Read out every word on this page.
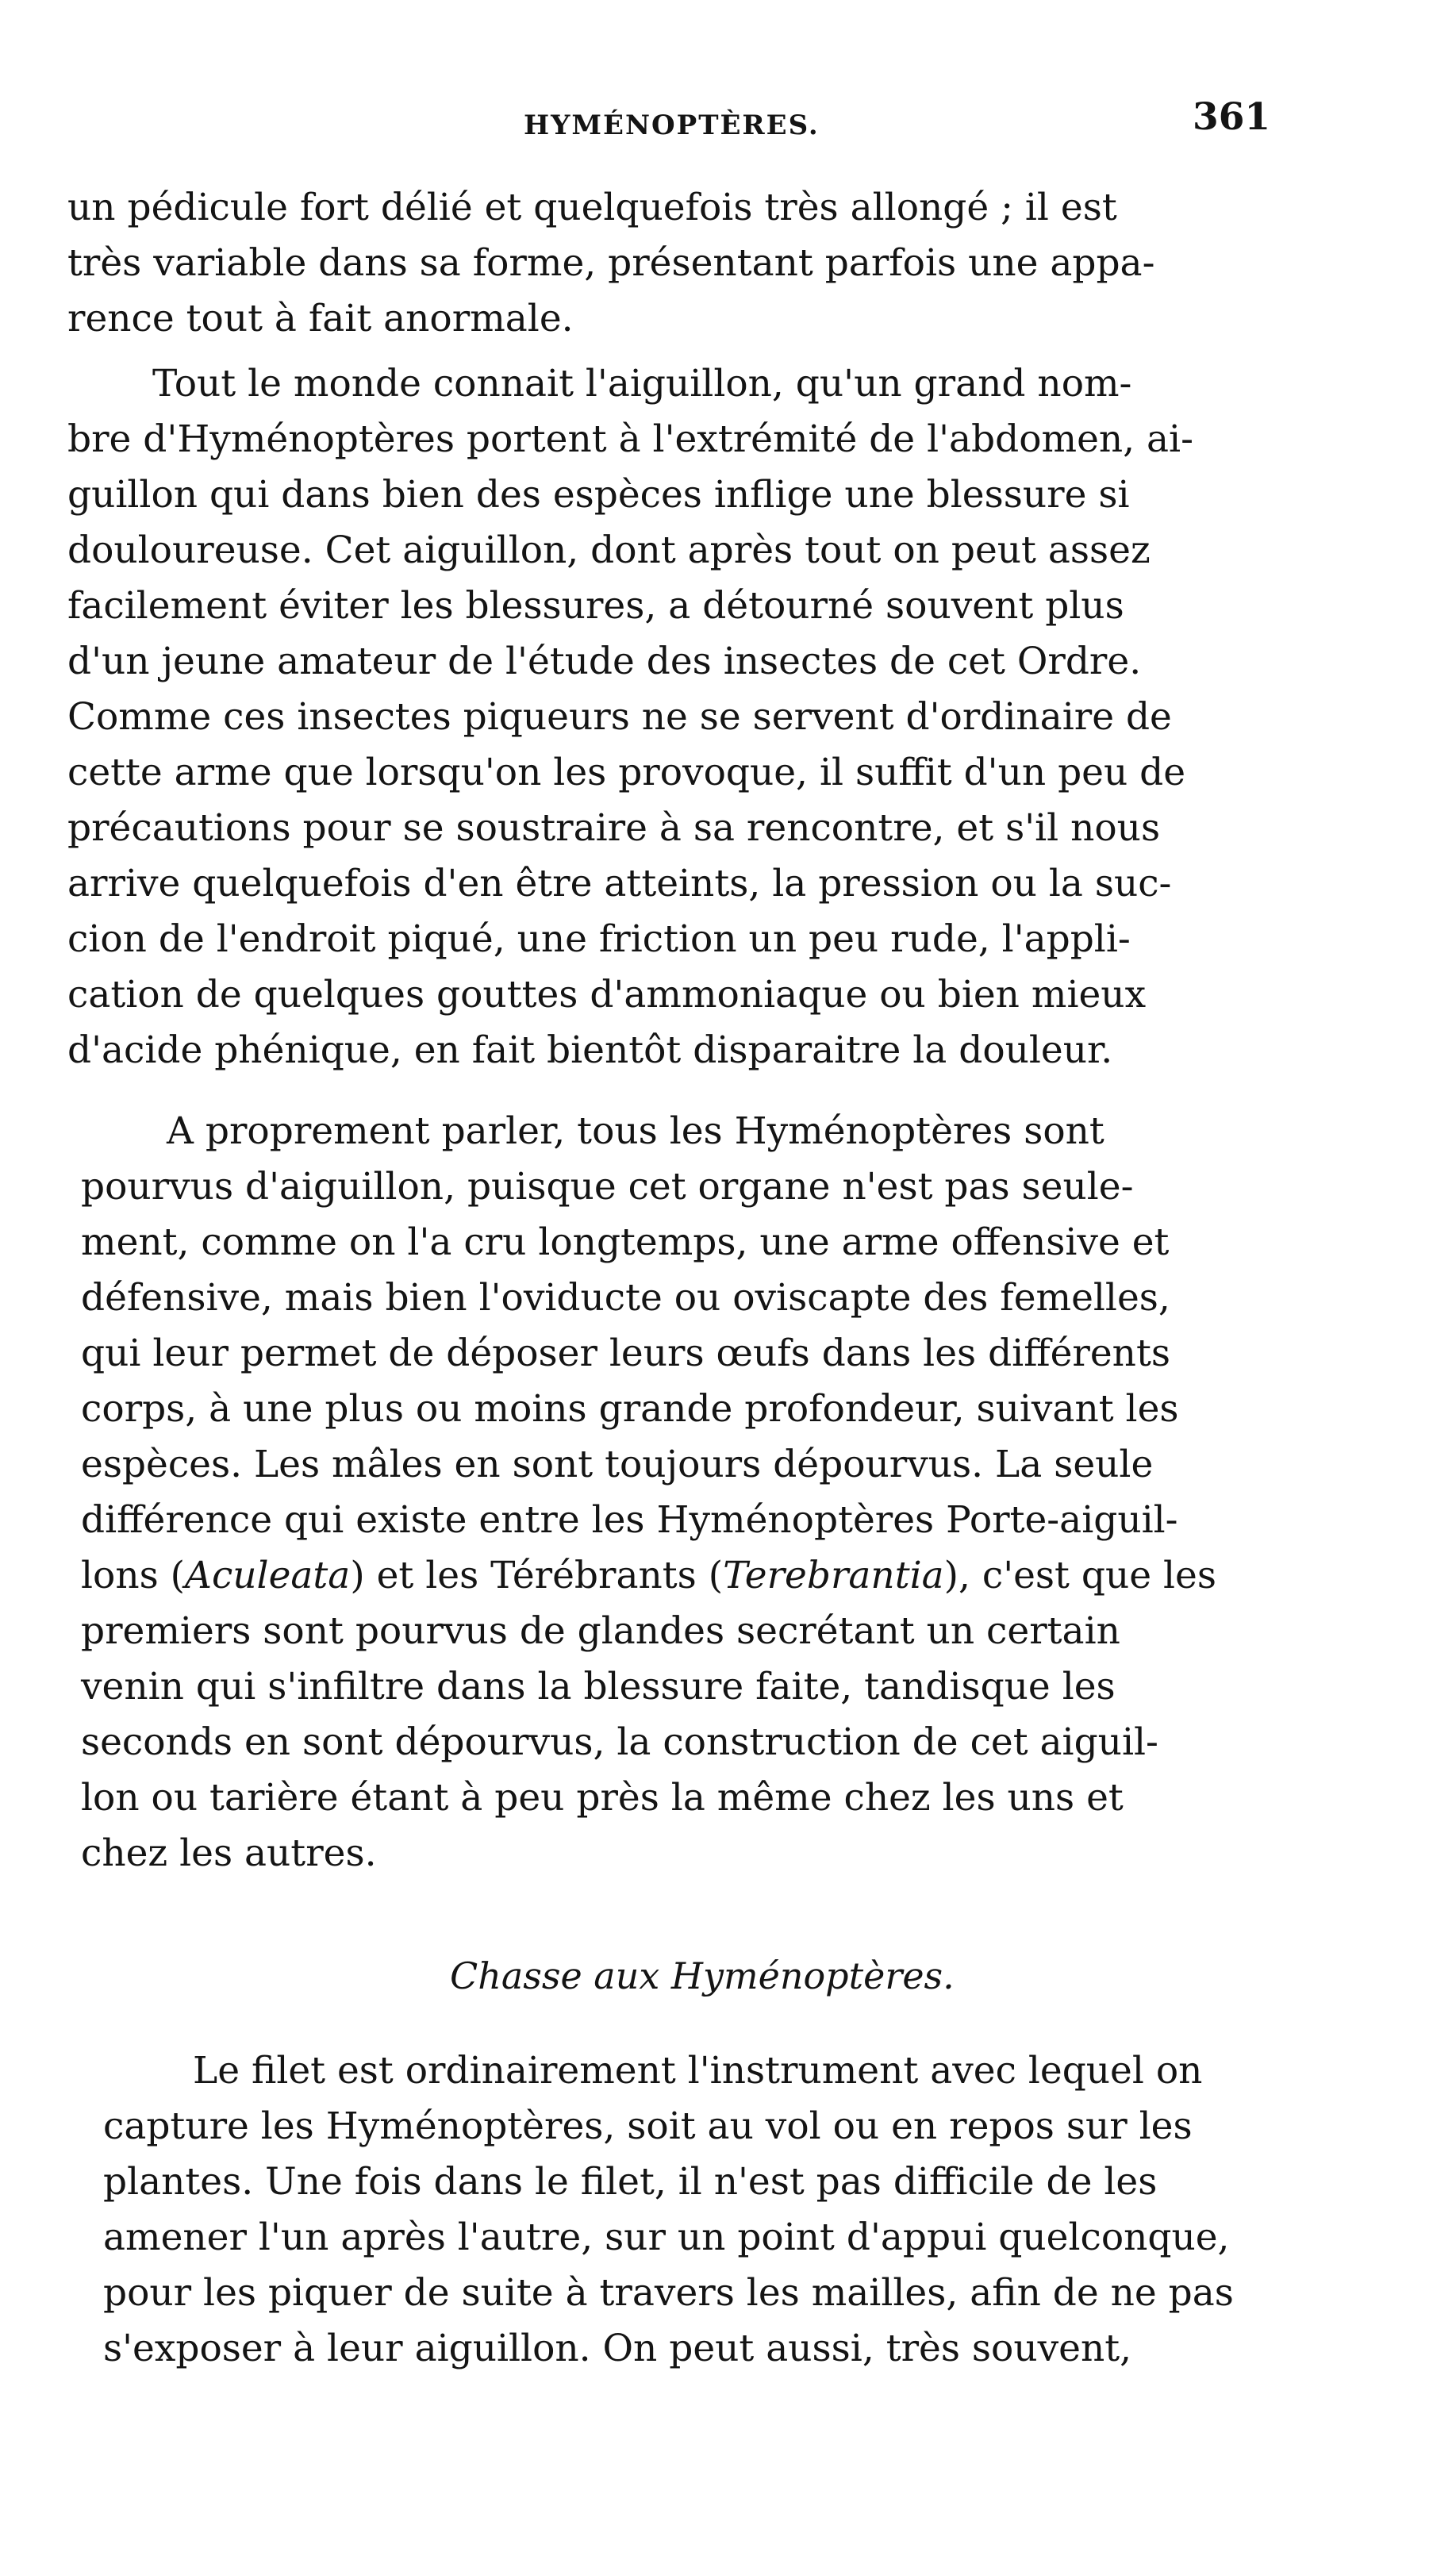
HYMÉNOPTÈRES.	361
un pédicule fort délié et quelquefois très allongé ; il est
très variable dans sa forme, présentant parfois une appa-
rence tout à fait anormale.
Tout le monde connait l'aiguillon, qu'un grand nom-
bre d'Hyménoptères portent à l'extrémité de l'abdomen, ai-
guillon qui dans bien des espèces inflige une blessure si
douloureuse. Cet aiguillon, dont après tout on peut assez
facilement éviter les blessures, a détourné souvent plus
d'un jeune amateur de l'étude des insectes de cet Ordre.
Comme ces insectes piqueurs ne se servent d'ordinaire de
cette arme que lorsqu'on les provoque, il suffit d'un peu de
précautions pour se soustraire à sa rencontre, et s'il nous
arrive quelquefois d'en être atteints, la pression ou la suc-
cion de l'endroit piqué, une friction un peu rude, l'appli-
cation de quelques gouttes d'ammoniaque ou bien mieux
d'acide phénique, en fait bientôt disparaitre la douleur.
A proprement parler, tous les Hyménoptères sont
pourvus d'aiguillon, puisque cet organe n'est pas seule-
ment, comme on l'a cru longtemps, une arme offensive et
défensive, mais bien l'oviducte ou oviscapte des femelles,
qui leur permet de déposer leurs œufs dans les différents
corps, à une plus ou moins grande profondeur, suivant les
espèces. Les mâles en sont toujours dépourvus. La seule
différence qui existe entre les Hyménoptères Porte-aiguil-
lons (Aculeata) et les Térébrants (Terebrantia), c'est que les
premiers sont pourvus de glandes secrétant un certain
venin qui s'infiltre dans la blessure faite, tandisque les
seconds en sont dépourvus, la construction de cet aiguil-
lon ou tarière étant à peu près la même chez les uns et
chez les autres.
Chasse aux Hyménoptères.
Le filet est ordinairement l'instrument avec lequel on
capture les Hyménoptères, soit au vol ou en repos sur les
plantes. Une fois dans le filet, il n'est pas difficile de les
amener l'un après l'autre, sur un point d'appui quelconque,
pour les piquer de suite à travers les mailles, afin de ne pas
s'exposer à leur aiguillon. On peut aussi, très souvent,
